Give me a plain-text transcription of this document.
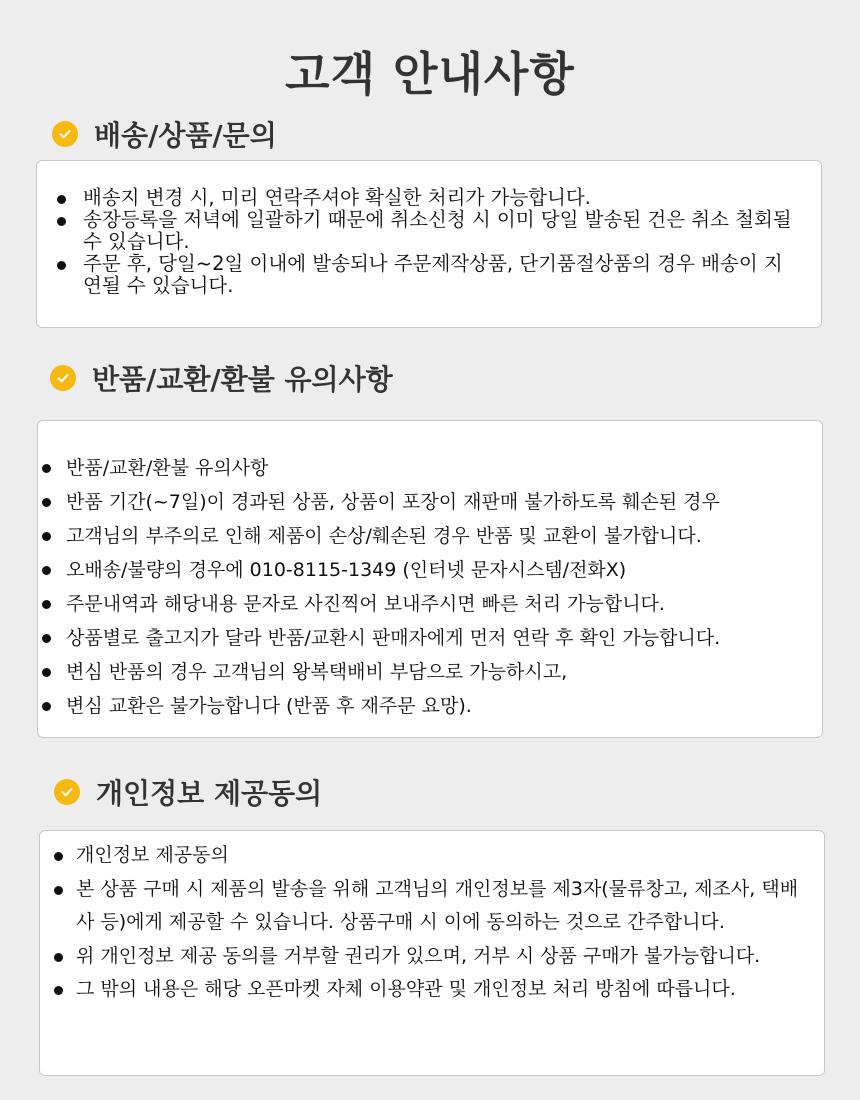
고객 안내사항
배송/상품/문의
배송지 변경 시, 미리 연락주셔야 확실한 처리가 가능합니다.
송장등록을 저녁에 일괄하기 때문에 취소신청 시 이미 당일 발송된 건은 취소 철회될 수 있습니다.
주문 후, 당일~2일 이내에 발송되나 주문제작상품, 단기품절상품의 경우 배송이 지연될 수 있습니다.
반품/교환/환불 유의사항
반품/교환/환불 유의사항
반품 기간(~7일)이 경과된 상품, 상품이 포장이 재판매 불가하도록 훼손된 경우
고객님의 부주의로 인해 제품이 손상/훼손된 경우 반품 및 교환이 불가합니다.
오배송/불량의 경우에 010-8115-1349 (인터넷 문자시스템/전화X)
주문내역과 해당내용 문자로 사진찍어 보내주시면 빠른 처리 가능합니다.
상품별로 출고지가 달라 반품/교환시 판매자에게 먼저 연락 후 확인 가능합니다.
변심 반품의 경우 고객님의 왕복택배비 부담으로 가능하시고,
변심 교환은 불가능합니다 (반품 후 재주문 요망).
개인정보 제공동의
개인정보 제공동의
본 상품 구매 시 제품의 발송을 위해 고객님의 개인정보를 제3자(물류창고, 제조사, 택배사 등)에게 제공할 수 있습니다. 상품구매 시 이에 동의하는 것으로 간주합니다.
위 개인정보 제공 동의를 거부할 권리가 있으며, 거부 시 상품 구매가 불가능합니다.
그 밖의 내용은 해당 오픈마켓 자체 이용약관 및 개인정보 처리 방침에 따릅니다.
